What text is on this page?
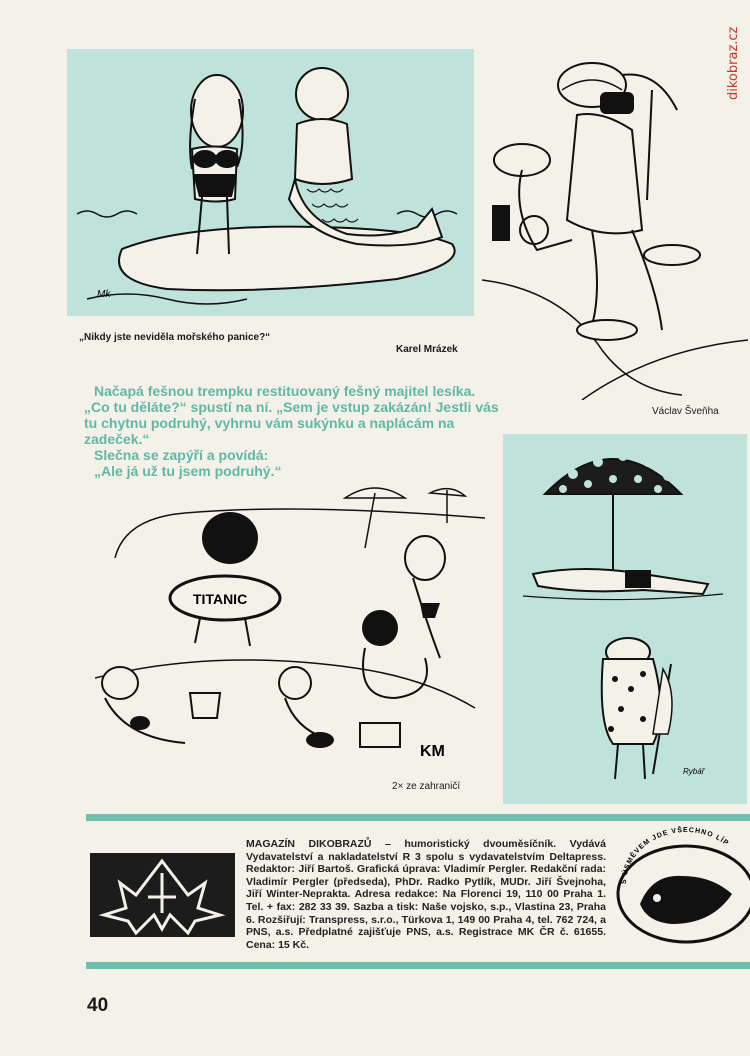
dikobraz.cz
Mk
„Nikdy jste neviděla mořského panice?“
Karel Mrázek
Václav Šveňha

Načapá fešnou trempku restituovaný fešný majitel lesíka. „Co tu děláte?“ spustí na ní. „Sem je vstup zakázán! Jestli vás tu chytnu podruhý, vyhrnu vám sukýnku a naplácám na zadeček.“

Slečna se zapýří a povídá:

„Ale já už tu jsem podruhý.“

TITANIC
KM
2× ze zahraničí
Rybář
MAGAZÍN DIKOBRAZŮ – humoristický dvouměsíčník. Vydává Vydavatelství a nakladatelství R 3 spolu s vydavatelstvím Deltapress. Redaktor: Jiří Bartoš. Grafická úprava: Vladimír Pergler. Redakční rada: Vladimír Pergler (předseda), PhDr. Radko Pytlík, MUDr. Jiří Švejnoha, Jiří Winter-Neprakta. Adresa redakce: Na Florenci 19, 110 00 Praha 1. Tel. + fax: 282 33 39. Sazba a tisk: Naše vojsko, s.p., Vlastina 23, Praha 6. Rozšiřují: Transpress, s.r.o., Türkova 1, 149 00 Praha 4, tel. 762 724, a PNS, a.s. Předplatné zajišťuje PNS, a.s. Registrace MK ČR č. 61655. Cena: 15 Kč.
S ÚSMĚVEM JDE VŠECHNO LÍP
40
